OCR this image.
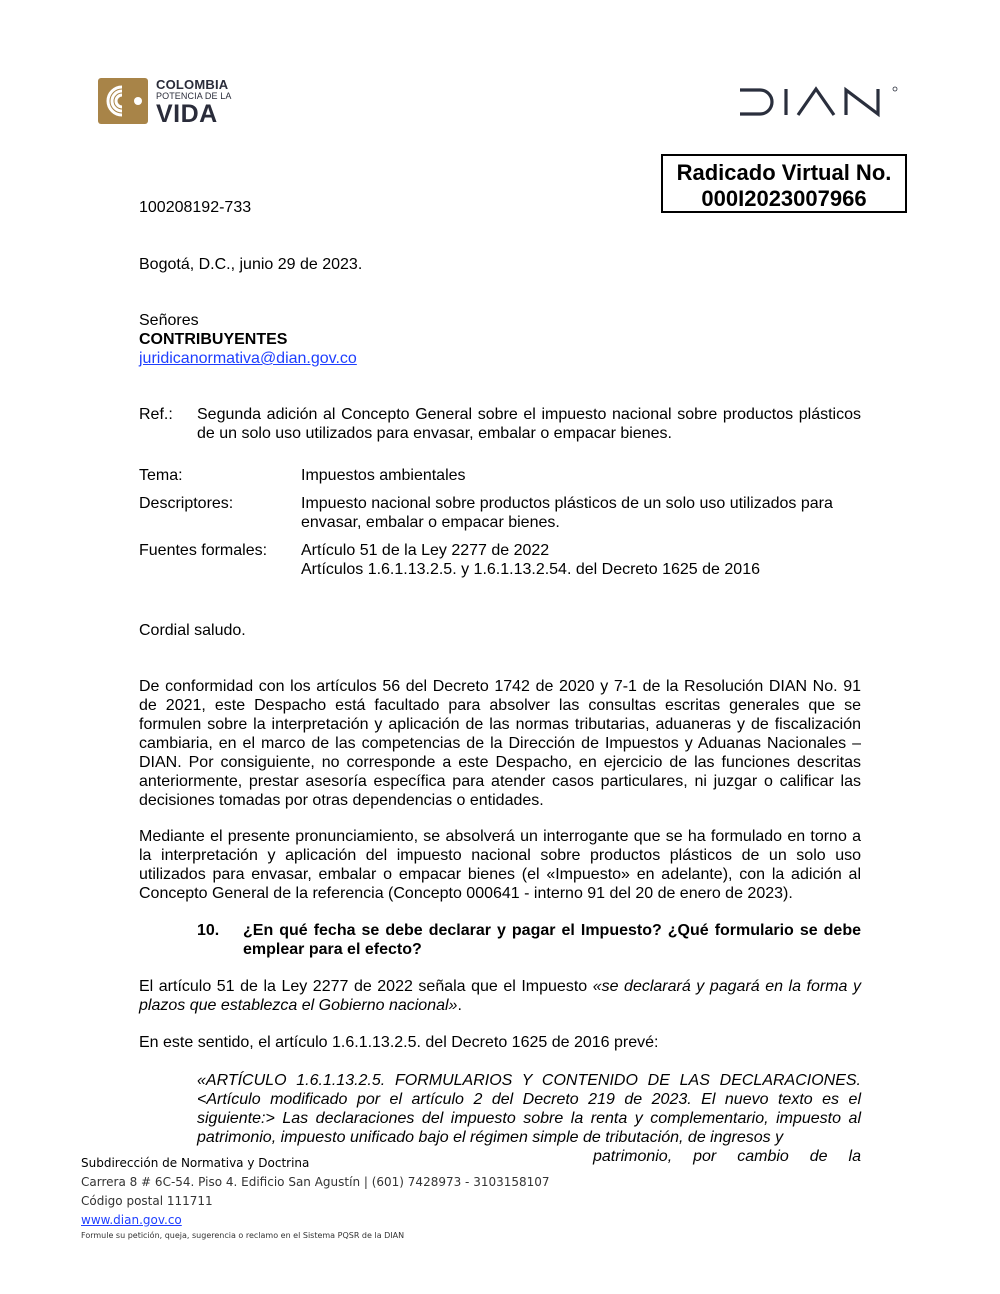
COLOMBIA
POTENCIA DE LA
VIDA
Radicado Virtual No.
000I2023007966
100208192-733
Bogotá, D.C., junio 29 de 2023.
Señores
CONTRIBUYENTES
juridicanormativa@dian.gov.co
Ref.: Segunda adición al Concepto General sobre el impuesto nacional sobre productos plásticos de un solo uso utilizados para envasar, embalar o empacar bienes.
Tema:	Impuestos ambientales
Descriptores:	Impuesto nacional sobre productos plásticos de un solo uso utilizados para envasar, embalar o empacar bienes.
Fuentes formales: Artículo 51 de la Ley 2277 de 2022
Artículos 1.6.1.13.2.5. y 1.6.1.13.2.54. del Decreto 1625 de 2016
Cordial saludo.
De conformidad con los artículos 56 del Decreto 1742 de 2020 y 7-1 de la Resolución DIAN No. 91 de 2021, este Despacho está facultado para absolver las consultas escritas generales que se formulen sobre la interpretación y aplicación de las normas tributarias, aduaneras y de fiscalización cambiaria, en el marco de las competencias de la Dirección de Impuestos y Aduanas Nacionales – DIAN. Por consiguiente, no corresponde a este Despacho, en ejercicio de las funciones descritas anteriormente, prestar asesoría específica para atender casos particulares, ni juzgar o calificar las decisiones tomadas por otras dependencias o entidades.
Mediante el presente pronunciamiento, se absolverá un interrogante que se ha formulado en torno a la interpretación y aplicación del impuesto nacional sobre productos plásticos de un solo uso utilizados para envasar, embalar o empacar bienes (el «Impuesto» en adelante), con la adición al Concepto General de la referencia (Concepto 000641 - interno 91 del 20 de enero de 2023).
10. ¿En qué fecha se debe declarar y pagar el Impuesto? ¿Qué formulario se debe emplear para el efecto?
El artículo 51 de la Ley 2277 de 2022 señala que el Impuesto «se declarará y pagará en la forma y plazos que establezca el Gobierno nacional».
En este sentido, el artículo 1.6.1.13.2.5. del Decreto 1625 de 2016 prevé:
«ARTÍCULO 1.6.1.13.2.5. FORMULARIOS Y CONTENIDO DE LAS DECLARACIONES. <Artículo modificado por el artículo 2 del Decreto 219 de 2023. El nuevo texto es el siguiente:> Las declaraciones del impuesto sobre la renta y complementario, impuesto al patrimonio, impuesto unificado bajo el régimen simple de tributación, de ingresos y
patrimonio, por cambio de la
Subdirección de Normativa y Doctrina
Carrera 8 # 6C-54. Piso 4. Edificio San Agustín | (601) 7428973 - 3103158107
Código postal 111711
www.dian.gov.co
Formule su petición, queja, sugerencia o reclamo en el Sistema PQSR de la DIAN
